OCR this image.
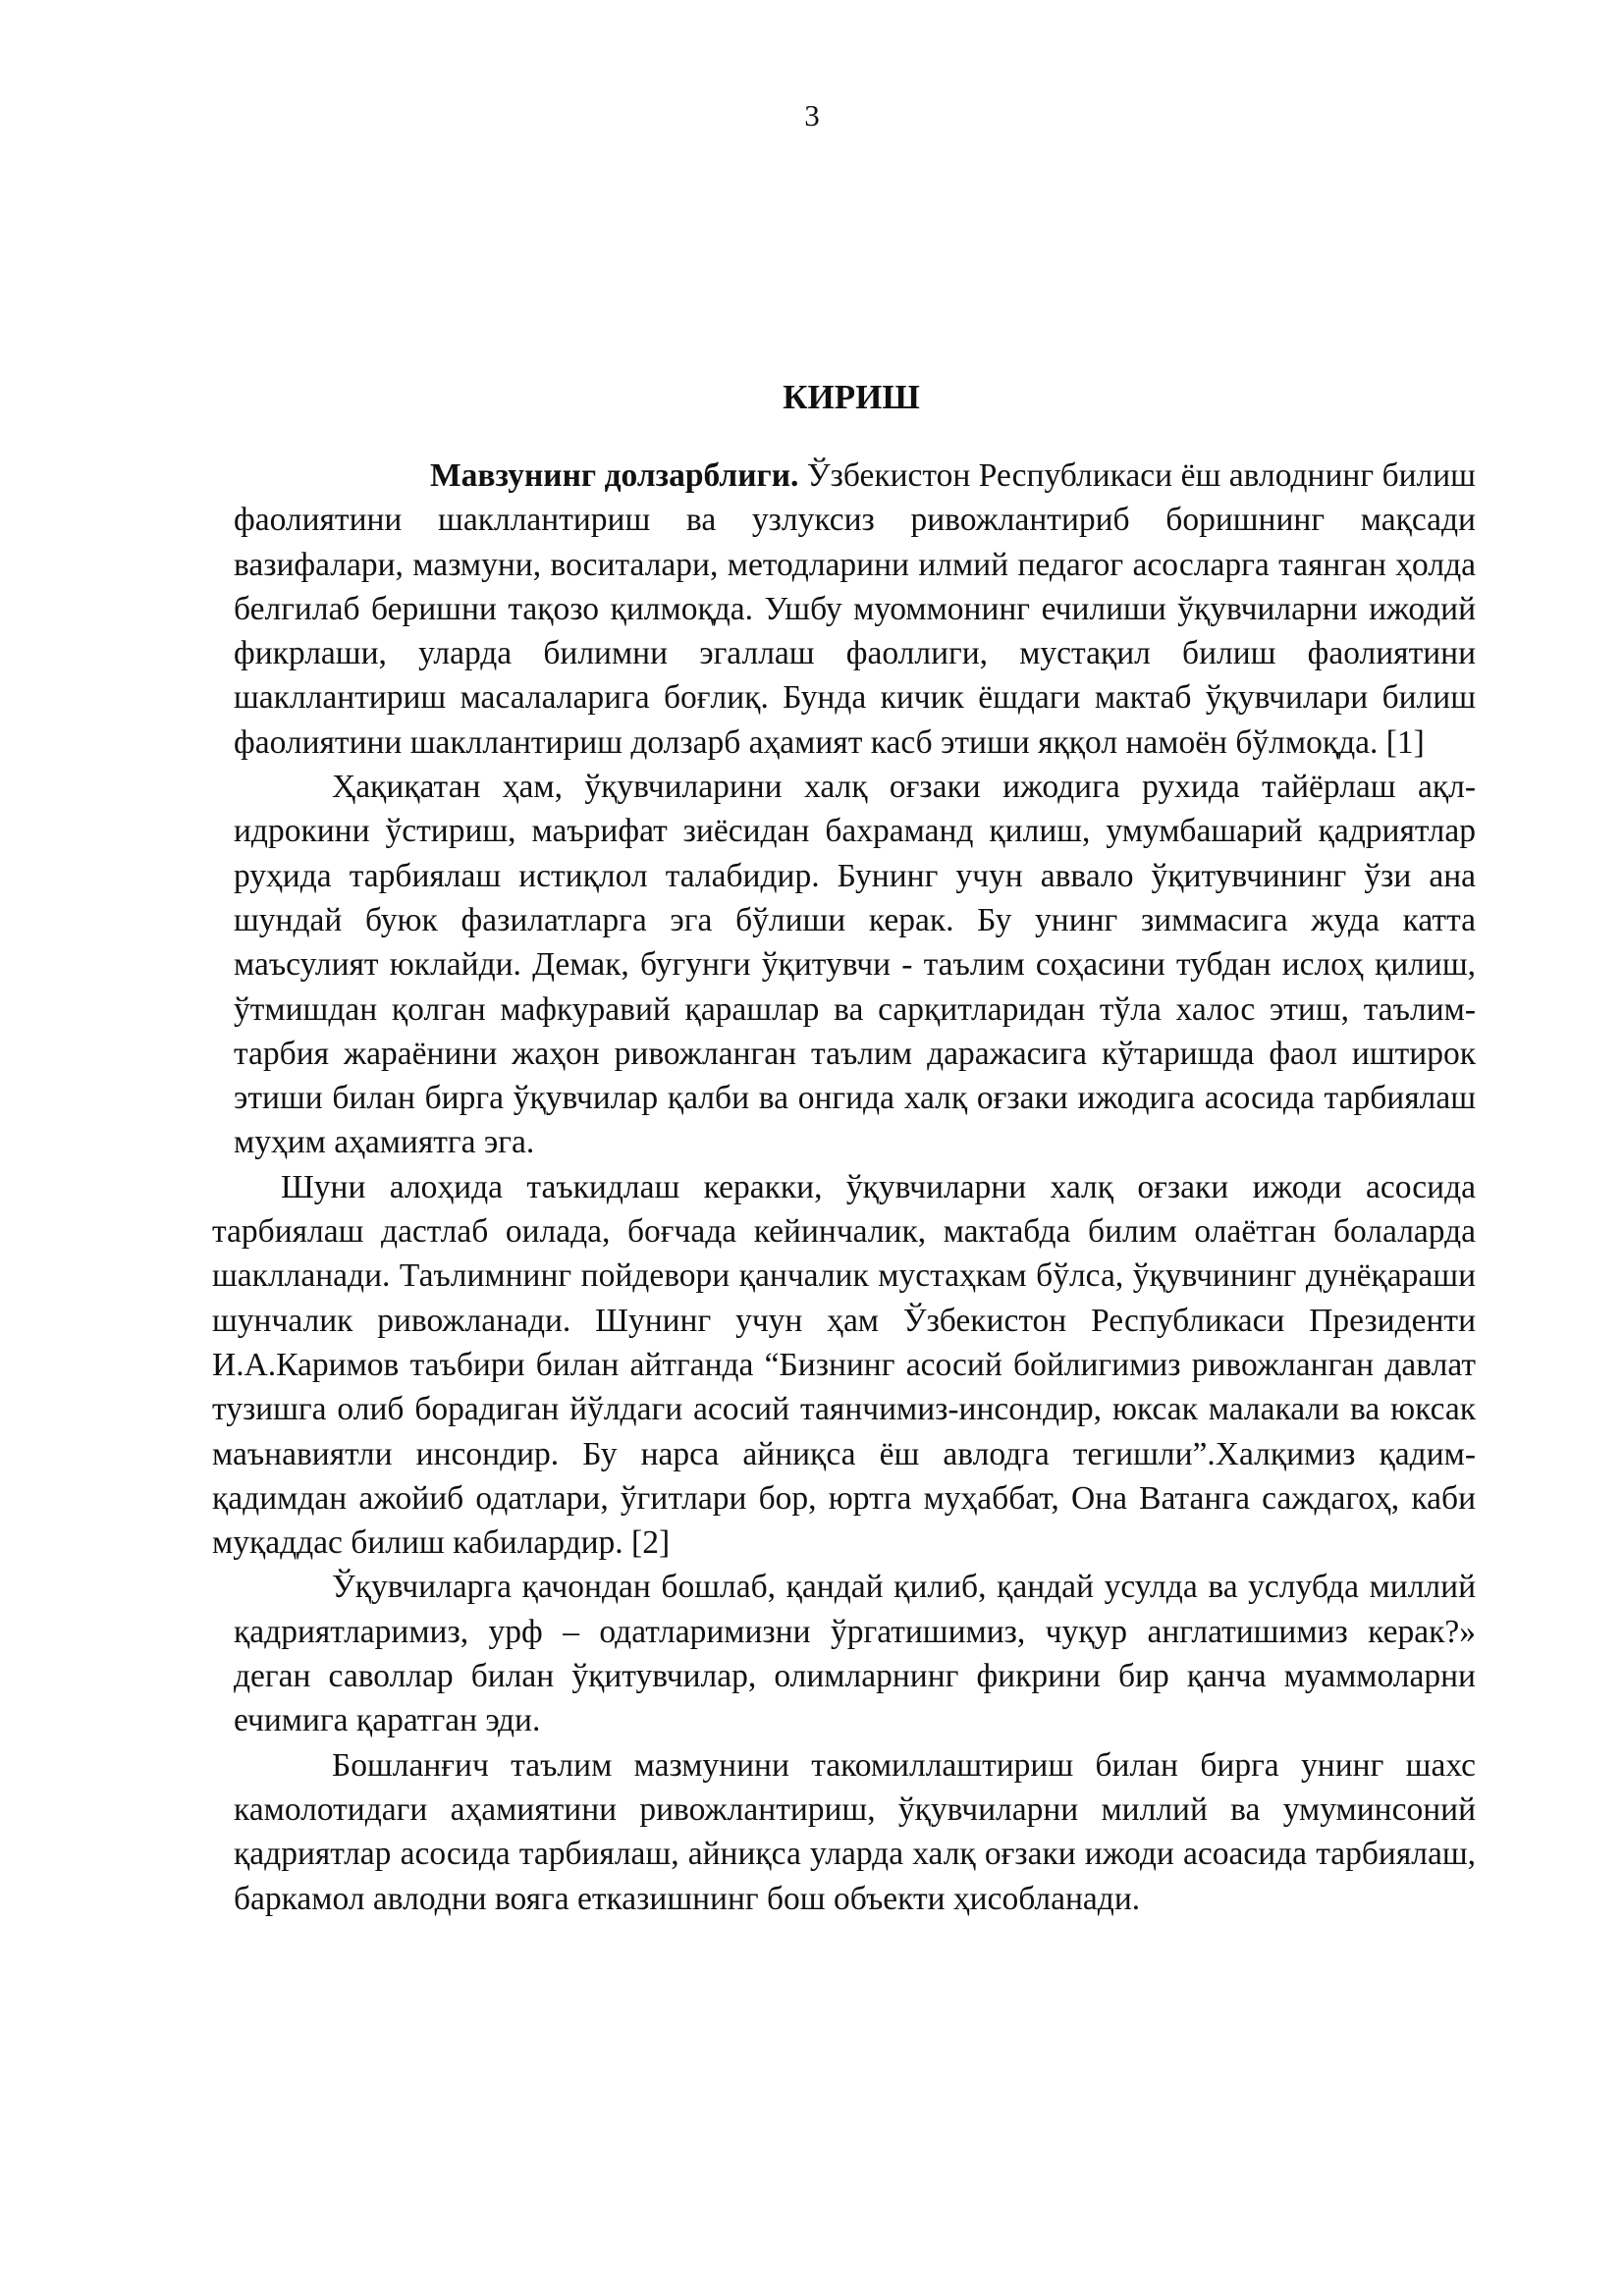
3
КИРИШ

Мавзунинг долзарблиги. Ўзбекистон Республикаси ёш авлоднинг билиш фаолиятини шакллантириш ва узлуксиз ривожлантириб боришнинг мақсади вазифалари, мазмуни, воситалари, методларини илмий педагог асосларга таянган ҳолда белгилаб беришни тақозо қилмоқда. Ушбу муоммонинг ечилиши ўқувчиларни ижодий фикрлаши, уларда билимни эгаллаш фаоллиги, мустақил билиш фаолиятини шакллантириш масалаларига боғлиқ. Бунда кичик ёшдаги мактаб ўқувчилари билиш фаолиятини шакллантириш долзарб аҳамият касб этиши яққол намоён бўлмоқда. [1]

Ҳақиқатан ҳам, ўқувчиларини халқ оғзаки ижодига рухида тайёрлаш ақл-идрокини ўстириш, маърифат зиёсидан бахраманд қилиш, умумбашарий қадриятлар руҳида тарбиялаш истиқлол талабидир. Бунинг учун аввало ўқитувчининг ўзи ана шундай буюк фазилатларга эга бўлиши керак. Бу унинг зиммасига жуда катта маъсулият юклайди. Демак, бугунги ўқитувчи - таълим соҳасини тубдан ислоҳ қилиш, ўтмишдан қолган мафкуравий қарашлар ва сарқитларидан тўла халос этиш, таълим-тарбия жараёнини жаҳон ривожланган таълим даражасига кўтаришда фаол иштирок этиши билан бирга ўқувчилар қалби ва онгида халқ оғзаки ижодига асосида тарбиялаш муҳим аҳамиятга эга.

Шуни алоҳида таъкидлаш керакки, ўқувчиларни халқ оғзаки ижоди асосида тарбиялаш дастлаб оилада, боғчада кейинчалик, мактабда билим олаётган болаларда шаклланади. Таълимнинг пойдевори қанчалик мустаҳкам бўлса, ўқувчининг дунёқараши шунчалик ривожланади. Шунинг учун ҳам Ўзбекистон Республикаси Президенти И.А.Каримов таъбири билан айтганда “Бизнинг асосий бойлигимиз ривожланган давлат тузишга олиб борадиган йўлдаги асосий таянчимиз-инсондир, юксак малакали ва юксак маънавиятли инсондир. Бу нарса айниқса ёш авлодга тегишли”.Халқимиз қадим-қадимдан ажойиб одатлари, ўгитлари бор, юртга муҳаббат, Она Ватанга саждагоҳ, каби муқаддас билиш кабилардир. [2]

Ўқувчиларга қачондан бошлаб, қандай қилиб, қандай усулда ва услубда миллий қадриятларимиз, урф – одатларимизни ўргатишимиз, чуқур англатишимиз керак?» деган саволлар билан ўқитувчилар, олимларнинг фикрини бир қанча муаммоларни ечимига қаратган эди.

Бошланғич таълим мазмунини такомиллаштириш билан бирга унинг шахс камолотидаги аҳамиятини ривожлантириш, ўқувчиларни миллий ва умуминсоний қадриятлар асосида тарбиялаш, айниқса уларда халқ оғзаки ижоди асоасида тарбиялаш, баркамол авлодни вояга етказишнинг бош объекти ҳисобланади.
